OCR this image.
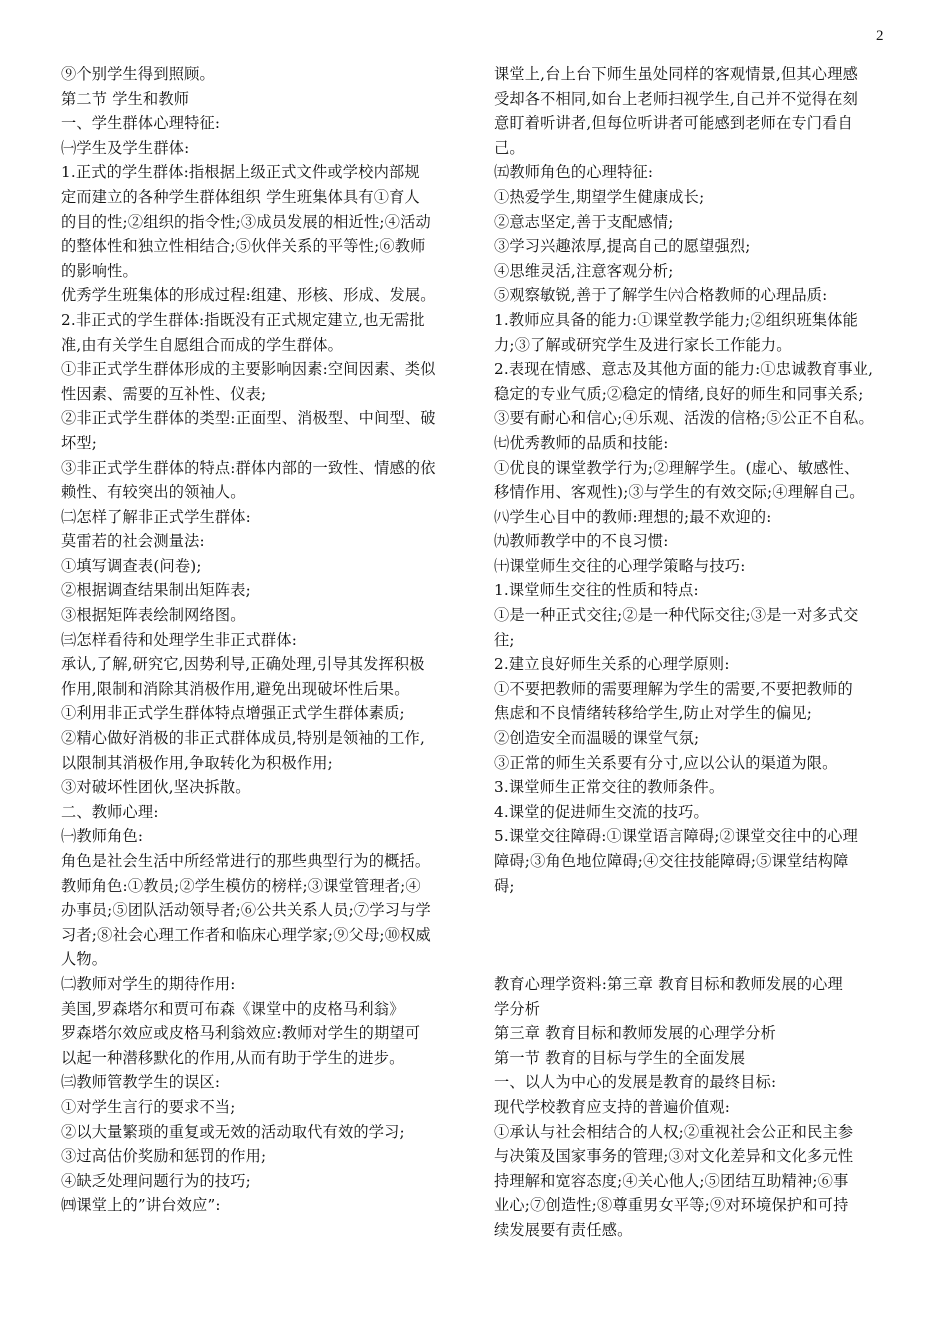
2
⑨个别学生得到照顾。
第二节 学生和教师
一、学生群体心理特征:
㈠学生及学生群体:
1.正式的学生群体:指根据上级正式文件或学校内部规
定而建立的各种学生群体组织 学生班集体具有①育人
的目的性;②组织的指令性;③成员发展的相近性;④活动
的整体性和独立性相结合;⑤伙伴关系的平等性;⑥教师
的影响性。
优秀学生班集体的形成过程:组建、形核、形成、发展。
2.非正式的学生群体:指既没有正式规定建立,也无需批
准,由有关学生自愿组合而成的学生群体。
①非正式学生群体形成的主要影响因素:空间因素、类似
性因素、需要的互补性、仪表;
②非正式学生群体的类型:正面型、消极型、中间型、破
坏型;
③非正式学生群体的特点:群体内部的一致性、情感的依
赖性、有较突出的领袖人。
㈡怎样了解非正式学生群体:
莫雷若的社会测量法:
①填写调查表(问卷);
②根据调查结果制出矩阵表;
③根据矩阵表绘制网络图。
㈢怎样看待和处理学生非正式群体:
承认,了解,研究它,因势利导,正确处理,引导其发挥积极
作用,限制和消除其消极作用,避免出现破坏性后果。
①利用非正式学生群体特点增强正式学生群体素质;
②精心做好消极的非正式群体成员,特别是领袖的工作,
以限制其消极作用,争取转化为积极作用;
③对破坏性团伙,坚决拆散。
二、教师心理:
㈠教师角色:
角色是社会生活中所经常进行的那些典型行为的概括。
教师角色:①教员;②学生模仿的榜样;③课堂管理者;④
办事员;⑤团队活动领导者;⑥公共关系人员;⑦学习与学
习者;⑧社会心理工作者和临床心理学家;⑨父母;⑩权威
人物。
㈡教师对学生的期待作用:
美国,罗森塔尔和贾可布森《课堂中的皮格马利翁》
罗森塔尔效应或皮格马利翁效应:教师对学生的期望可
以起一种潜移默化的作用,从而有助于学生的进步。
㈢教师管教学生的误区:
①对学生言行的要求不当;
②以大量繁琐的重复或无效的活动取代有效的学习;
③过高估价奖励和惩罚的作用;
④缺乏处理问题行为的技巧;
㈣课堂上的”讲台效应”:
课堂上,台上台下师生虽处同样的客观情景,但其心理感
受却各不相同,如台上老师扫视学生,自己并不觉得在刻
意盯着听讲者,但每位听讲者可能感到老师在专门看自
己。
㈤教师角色的心理特征:
①热爱学生,期望学生健康成长;
②意志坚定,善于支配感情;
③学习兴趣浓厚,提高自己的愿望强烈;
④思维灵活,注意客观分析;
⑤观察敏锐,善于了解学生㈥合格教师的心理品质:
1.教师应具备的能力:①课堂教学能力;②组织班集体能
力;③了解或研究学生及进行家长工作能力。
2.表现在情感、意志及其他方面的能力:①忠诚教育事业,
稳定的专业气质;②稳定的情绪,良好的师生和同事关系;
③要有耐心和信心;④乐观、活泼的信格;⑤公正不自私。
㈦优秀教师的品质和技能:
①优良的课堂教学行为;②理解学生。(虚心、敏感性、
移情作用、客观性);③与学生的有效交际;④理解自己。
㈧学生心目中的教师:理想的;最不欢迎的:
㈨教师教学中的不良习惯:
㈩课堂师生交往的心理学策略与技巧:
1.课堂师生交往的性质和特点:
①是一种正式交往;②是一种代际交往;③是一对多式交
往;
2.建立良好师生关系的心理学原则:
①不要把教师的需要理解为学生的需要,不要把教师的
焦虑和不良情绪转移给学生,防止对学生的偏见;
②创造安全而温暖的课堂气氛;
③正常的师生关系要有分寸,应以公认的渠道为限。
3.课堂师生正常交往的教师条件。
4.课堂的促进师生交流的技巧。
5.课堂交往障碍:①课堂语言障碍;②课堂交往中的心理
障碍;③角色地位障碍;④交往技能障碍;⑤课堂结构障
碍;
教育心理学资料:第三章 教育目标和教师发展的心理
学分析
第三章 教育目标和教师发展的心理学分析
第一节 教育的目标与学生的全面发展
一、以人为中心的发展是教育的最终目标:
现代学校教育应支持的普遍价值观:
①承认与社会相结合的人权;②重视社会公正和民主参
与决策及国家事务的管理;③对文化差异和文化多元性
持理解和宽容态度;④关心他人;⑤团结互助精神;⑥事
业心;⑦创造性;⑧尊重男女平等;⑨对环境保护和可持
续发展要有责任感。
